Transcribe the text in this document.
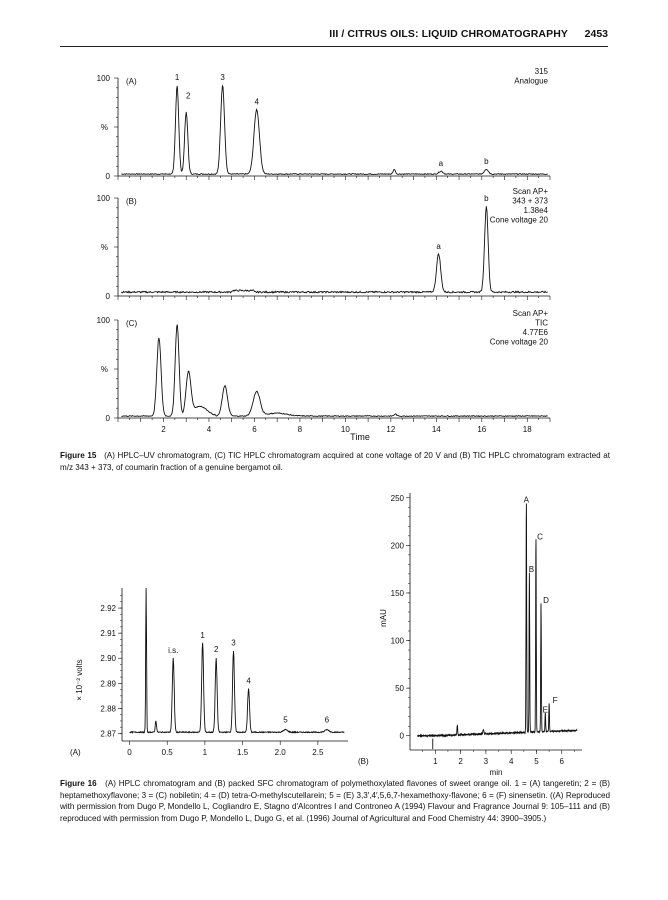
III / CITRUS OILS: LIQUID CHROMATOGRAPHY 2453
100
%
0
(A)
315
Analogue
1
2
3
4
a	b
100
%
0
(B)
Scan AP+
343 + 373
1.38e4
Cone voltage 20
a
b
100
%
0
(C)
Scan AP+
TIC
4.77E6
Cone voltage 20
2	4	6	8	10	12	14	16	18
Time
Figure 15 (A) HPLC–UV chromatogram, (C) TIC HPLC chromatogram acquired at cone voltage of 20 V and (B) TIC HPLC chromatogram extracted at m/z 343 + 373, of coumarin fraction of a genuine bergamot oil.
2.92
2.91
2.90
2.89
2.88
2.87
0	0.5	1	1.5	2.0	2.5
× 10⁻² volts
(A)
i.s.
1
2
3
4
5	6
250
200
150
100
50
0
1	2	3	4	5	6
min
mAU
(B)
A
B
C
D
E
F
Figure 16 (A) HPLC chromatogram and (B) packed SFC chromatogram of polymethoxylated flavones of sweet orange oil. 1 = (A) tangeretin; 2 = (B) heptamethoxyflavone; 3 = (C) nobiletin; 4 = (D) tetra-O-methylscutellarein; 5 = (E) 3,3′,4′,5,6,7-hexamethoxy-flavone; 6 = (F) sinensetin. ((A) Reproduced with permission from Dugo P, Mondello L, Cogliandro E, Stagno d'Alcontres I and Controneo A (1994) Flavour and Fragrance Journal 9: 105–111 and (B) reproduced with permission from Dugo P, Mondello L, Dugo G, et al. (1996) Journal of Agricultural and Food Chemistry 44: 3900–3905.)
